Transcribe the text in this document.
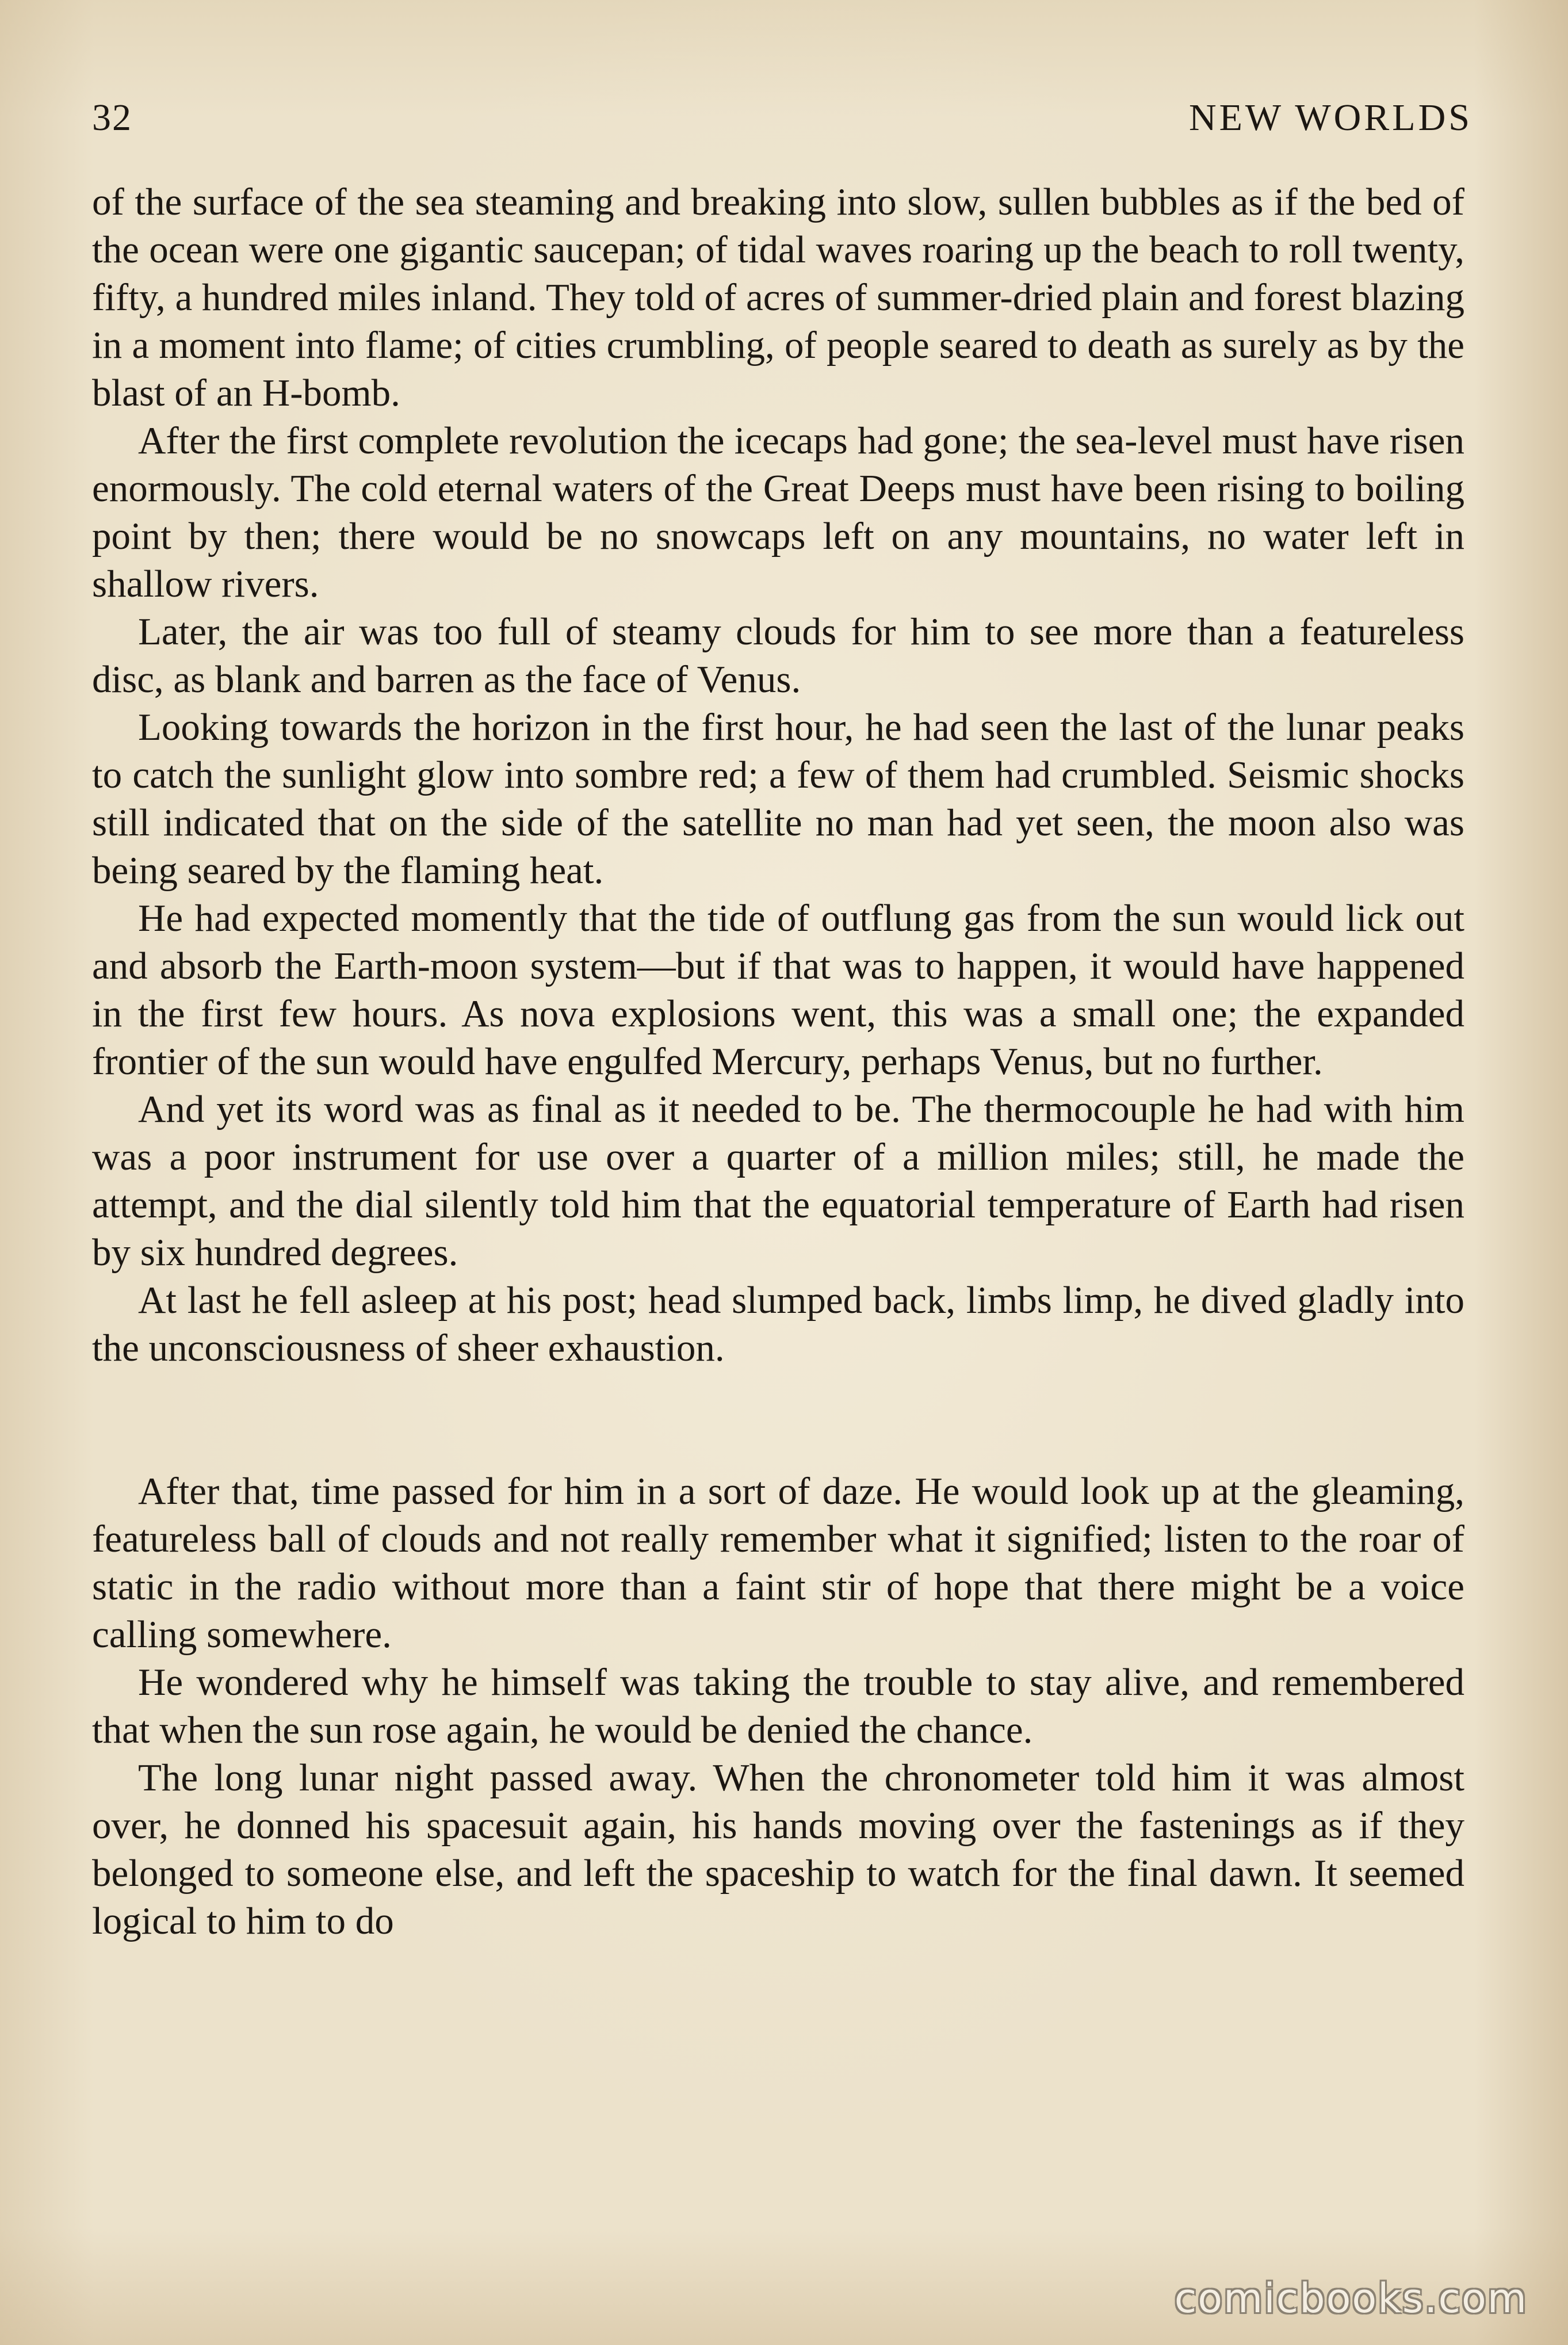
32	NEW WORLDS

of the surface of the sea steaming and breaking into slow, sullen bubbles as if the bed of the ocean were one gigantic saucepan; of tidal waves roaring up the beach to roll twenty, fifty, a hundred miles inland. They told of acres of summer-dried plain and forest blazing in a moment into flame; of cities crumbling, of people seared to death as surely as by the blast of an H-bomb.

After the first complete revolution the icecaps had gone; the sea-level must have risen enormously. The cold eternal waters of the Great Deeps must have been rising to boiling point by then; there would be no snowcaps left on any mountains, no water left in shallow rivers.

Later, the air was too full of steamy clouds for him to see more than a featureless disc, as blank and barren as the face of Venus.

Looking towards the horizon in the first hour, he had seen the last of the lunar peaks to catch the sunlight glow into sombre red; a few of them had crumbled. Seismic shocks still indicated that on the side of the satellite no man had yet seen, the moon also was being seared by the flaming heat.

He had expected momently that the tide of outflung gas from the sun would lick out and absorb the Earth-moon system—but if that was to happen, it would have happened in the first few hours. As nova explosions went, this was a small one; the expanded frontier of the sun would have engulfed Mercury, perhaps Venus, but no further.

And yet its word was as final as it needed to be. The thermocouple he had with him was a poor instrument for use over a quarter of a million miles; still, he made the attempt, and the dial silently told him that the equatorial temperature of Earth had risen by six hundred degrees.

At last he fell asleep at his post; head slumped back, limbs limp, he dived gladly into the unconsciousness of sheer exhaustion.

After that, time passed for him in a sort of daze. He would look up at the gleaming, featureless ball of clouds and not really remember what it signified; listen to the roar of static in the radio without more than a faint stir of hope that there might be a voice calling somewhere.

He wondered why he himself was taking the trouble to stay alive, and remembered that when the sun rose again, he would be denied the chance.

The long lunar night passed away. When the chronometer told him it was almost over, he donned his spacesuit again, his hands moving over the fastenings as if they belonged to someone else, and left the spaceship to watch for the final dawn. It seemed logical to him to do

comicbooks.com
